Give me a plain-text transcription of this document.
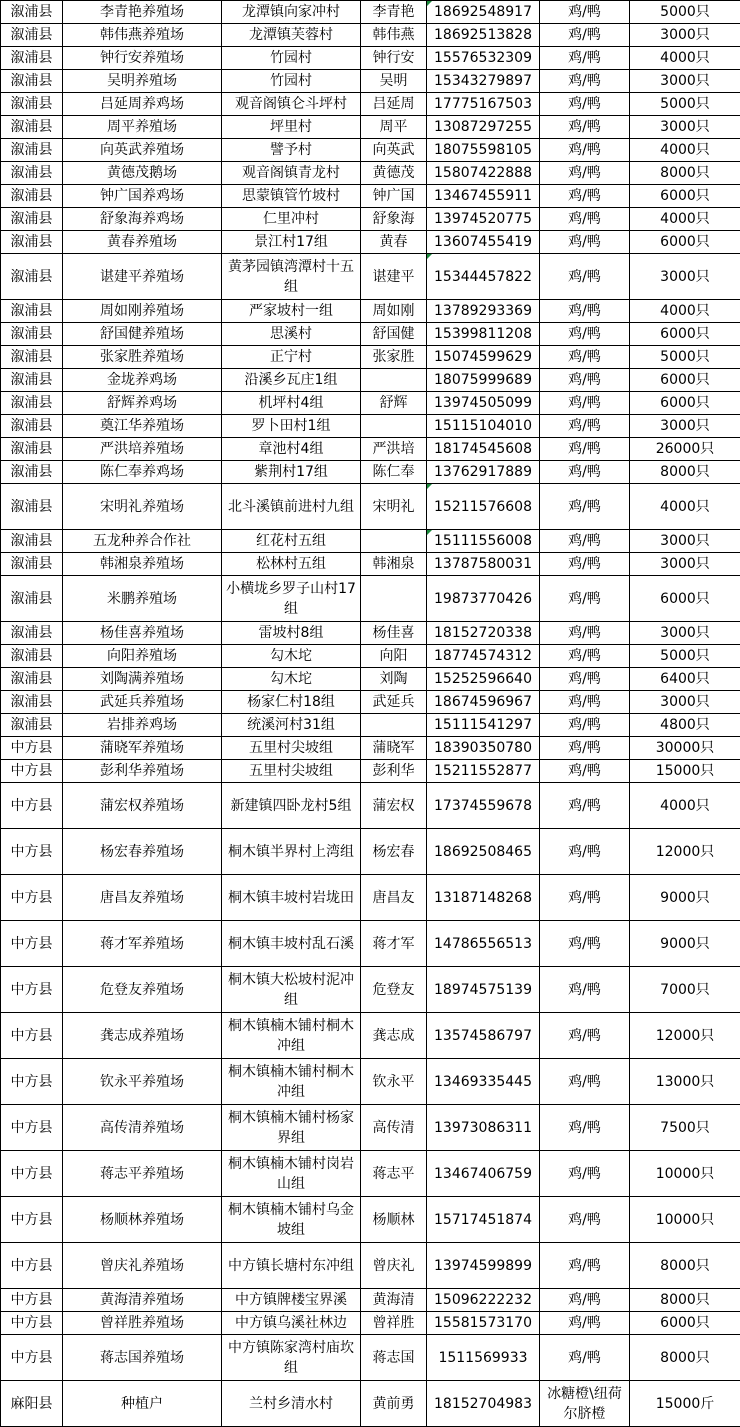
溆浦县	李青艳养殖场	龙潭镇向家冲村	李青艳	18692548917	鸡/鸭	5000只
溆浦县	韩伟燕养殖场	龙潭镇芙蓉村	韩伟燕	18692513828	鸡/鸭	3000只
溆浦县	钟行安养殖场	竹园村	钟行安	15576532309	鸡/鸭	4000只
溆浦县	吴明养殖场	竹园村	吴明	15343279897	鸡/鸭	3000只
溆浦县	吕延周养鸡场	观音阁镇仑斗坪村	吕延周	17775167503	鸡/鸭	5000只
溆浦县	周平养殖场	坪里村	周平	13087297255	鸡/鸭	3000只
溆浦县	向英武养殖场	譬予村	向英武	18075598105	鸡/鸭	4000只
溆浦县	黄德茂鹅场	观音阁镇青龙村	黄德茂	15807422888	鸡/鸭	8000只
溆浦县	钟广国养鸡场	思蒙镇管竹坡村	钟广国	13467455911	鸡/鸭	6000只
溆浦县	舒象海养鸡场	仁里冲村	舒象海	13974520775	鸡/鸭	4000只
溆浦县	黄春养殖场	景江村17组	黄春	13607455419	鸡/鸭	6000只
溆浦县	谌建平养殖场	黄茅园镇湾潭村十五组	谌建平	15344457822	鸡/鸭	3000只
溆浦县	周如刚养殖场	严家坡村一组	周如刚	13789293369	鸡/鸭	4000只
溆浦县	舒国健养殖场	思溪村	舒国健	15399811208	鸡/鸭	6000只
溆浦县	张家胜养殖场	正宁村	张家胜	15074599629	鸡/鸭	5000只
溆浦县	金垅养鸡场	沿溪乡瓦庄1组		18075999689	鸡/鸭	6000只
溆浦县	舒辉养鸡场	机坪村4组	舒辉	13974505099	鸡/鸭	6000只
溆浦县	奠江华养殖场	罗卜田村1组		15115104010	鸡/鸭	3000只
溆浦县	严洪培养殖场	章池村4组	严洪培	18174545608	鸡/鸭	26000只
溆浦县	陈仁奉养鸡场	紫荆村17组	陈仁奉	13762917889	鸡/鸭	8000只
溆浦县	宋明礼养殖场	北斗溪镇前进村九组	宋明礼	15211576608	鸡/鸭	4000只
溆浦县	五龙种养合作社	红花村五组		15111556008	鸡/鸭	3000只
溆浦县	韩湘泉养殖场	松林村五组	韩湘泉	13787580031	鸡/鸭	3000只
溆浦县	米鹏养殖场	小横垅乡罗子山村17组		19873770426	鸡/鸭	6000只
溆浦县	杨佳喜养殖场	雷坡村8组	杨佳喜	18152720338	鸡/鸭	3000只
溆浦县	向阳养殖场	勾木坨	向阳	18774574312	鸡/鸭	5000只
溆浦县	刘陶满养殖场	勾木坨	刘陶	15252596640	鸡/鸭	6400只
溆浦县	武延兵养殖场	杨家仁村18组	武延兵	18674596967	鸡/鸭	3000只
溆浦县	岩排养鸡场	统溪河村31组		15111541297	鸡/鸭	4800只
中方县	蒲晓军养殖场	五里村尖坡组	蒲晓军	18390350780	鸡/鸭	30000只
中方县	彭利华养殖场	五里村尖坡组	彭利华	15211552877	鸡/鸭	15000只
中方县	蒲宏权养殖场	新建镇四卧龙村5组	蒲宏权	17374559678	鸡/鸭	4000只
中方县	杨宏春养殖场	桐木镇半界村上湾组	杨宏春	18692508465	鸡/鸭	12000只
中方县	唐昌友养殖场	桐木镇丰坡村岩垅田	唐昌友	13187148268	鸡/鸭	9000只
中方县	蒋才军养殖场	桐木镇丰坡村乱石溪	蒋才军	14786556513	鸡/鸭	9000只
中方县	危登友养殖场	桐木镇大松坡村泥冲组	危登友	18974575139	鸡/鸭	7000只
中方县	龚志成养殖场	桐木镇楠木铺村桐木冲组	龚志成	13574586797	鸡/鸭	12000只
中方县	钦永平养殖场	桐木镇楠木铺村桐木冲组	钦永平	13469335445	鸡/鸭	13000只
中方县	高传清养殖场	桐木镇楠木铺村杨家界组	高传清	13973086311	鸡/鸭	7500只
中方县	蒋志平养殖场	桐木镇楠木铺村岗岩山组	蒋志平	13467406759	鸡/鸭	10000只
中方县	杨顺林养殖场	桐木镇楠木铺村乌金坡组	杨顺林	15717451874	鸡/鸭	10000只
中方县	曾庆礼养殖场	中方镇长塘村东冲组	曾庆礼	13974599899	鸡/鸭	8000只
中方县	黄海清养殖场	中方镇牌楼宝界溪	黄海清	15096222232	鸡/鸭	8000只
中方县	曾祥胜养殖场	中方镇乌溪社林边	曾祥胜	15581573170	鸡/鸭	6000只
中方县	蒋志国养殖场	中方镇陈家湾村庙坎组	蒋志国	1511569933	鸡/鸭	8000只
麻阳县	种植户	兰村乡清水村	黄前勇	18152704983	冰糖橙\纽荷尔脐橙	15000斤
